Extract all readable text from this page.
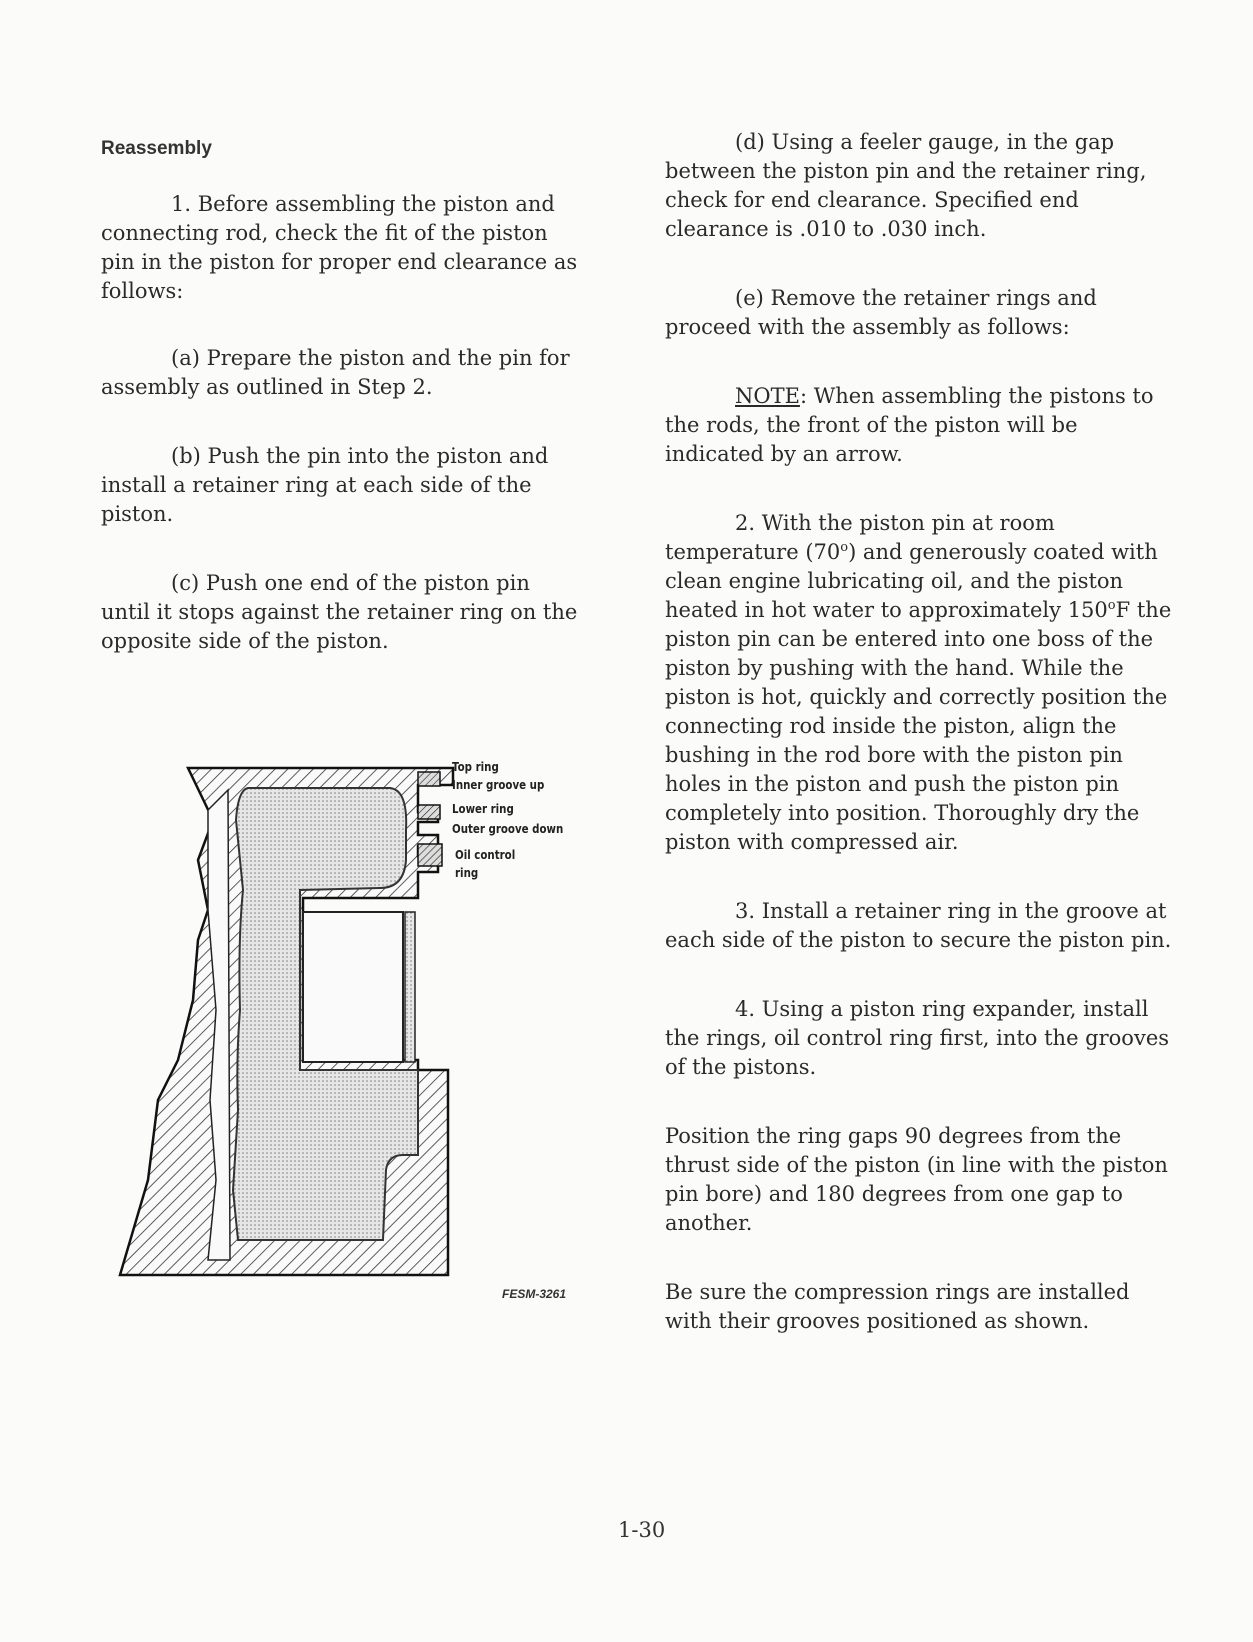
Reassembly

1. Before assembling the piston and connecting rod, check the fit of the piston pin in the piston for proper end clearance as follows:

(a) Prepare the piston and the pin for assembly as outlined in Step 2.

(b) Push the pin into the piston and install a retainer ring at each side of the piston.

(c) Push one end of the piston pin until it stops against the retainer ring on the opposite side of the piston.

(d) Using a feeler gauge, in the gap between the piston pin and the retainer ring, check for end clearance. Specified end clearance is .010 to .030 inch.

(e) Remove the retainer rings and proceed with the assembly as follows:

NOTE: When assembling the pistons to the rods, the front of the piston will be indicated by an arrow.

2. With the piston pin at room temperature (70$^o$) and generously coated with clean engine lubricating oil, and the piston heated in hot water to approximately 150$^o$F the piston pin can be entered into one boss of the piston by pushing with the hand. While the piston is hot, quickly and correctly position the connecting rod inside the piston, align the bushing in the rod bore with the piston pin holes in the piston and push the piston pin completely into position. Thoroughly dry the piston with compressed air.

3. Install a retainer ring in the groove at each side of the piston to secure the piston pin.

4. Using a piston ring expander, install the rings, oil control ring first, into the grooves of the pistons.

Position the ring gaps 90 degrees from the thrust side of the piston (in line with the piston pin bore) and 180 degrees from one gap to another.

Be sure the compression rings are installed with their grooves positioned as shown.

Top ring
Inner groove up
Lower ring
Outer groove down
Oil control
ring
FESM-3261
1-30
